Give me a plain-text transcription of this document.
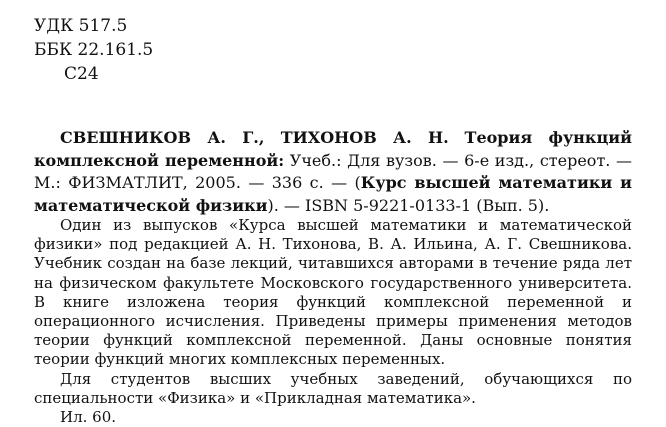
УДК 517.5
ББК 22.161.5
С24
СВЕШНИКОВ А. Г., ТИХОНОВ А. Н. Теория функций комплексной переменной: Учеб.: Для вузов. — 6-е изд., стереот. — М.: ФИЗМАТЛИТ, 2005. — 336 с. — (Курс высшей математики и математической физики). — ISBN 5-9221-0133-1 (Вып. 5).

Один из выпусков «Курса высшей математики и математической физики» под редакцией А. Н. Тихонова, В. А. Ильина, А. Г. Свешникова. Учебник создан на базе лекций, читавшихся авторами в течение ряда лет на физическом факультете Московского государственного университета. В книге изложена теория функций комплексной переменной и операционного исчисления. Приведены примеры применения методов теории функций комплексной переменной. Даны основные понятия теории функций многих комплексных переменных.

Для студентов высших учебных заведений, обучающихся по специальности «Физика» и «Прикладная математика».

Ил. 60.
